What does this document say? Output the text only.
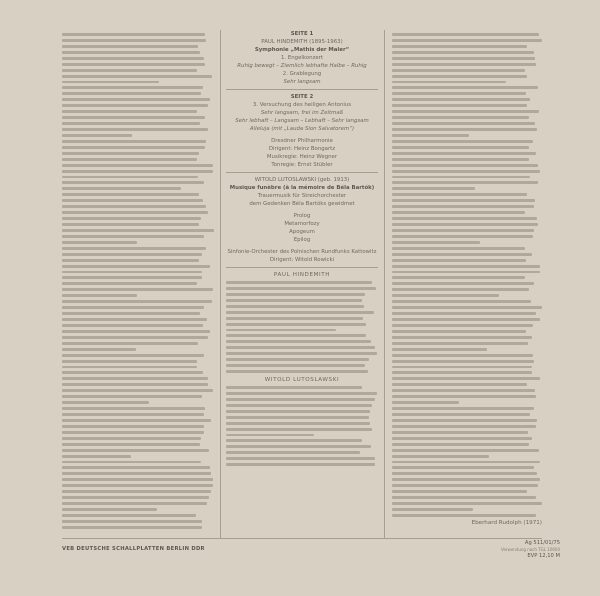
SEITE 1
PAUL HINDEMITH (1895-1963)
Symphonie „Mathis der Maler“
1. Engelkonzert
Ruhig bewegt – Ziemlich lebhafte Halbe – Ruhig
2. Grablegung
Sehr langsam
SEITE 2
3. Versuchung des heiligen Antonius
Sehr langsam, frei im Zeitmaß
Sehr lebhaft – Langsam – Lebhaft – Sehr langsam
Alleluja (mit „Lauda Sion Salvatorem“)
Dresdner Philharmonie
Dirigent: Heinz Bongartz
Musikregie: Heinz Wegner
Tonregie: Ernst Stübler
WITOLD LUTOSLAWSKI (geb. 1913)
Musique funèbre (à la mémoire de Béla Bartók)
Trauermusik für Streichorchester
dem Gedenken Béla Bartóks gewidmet
Prolog
Metamorfozy
Apogeum
Epilog
Sinfonie-Orchester des Polnischen Rundfunks Kattowitz
Dirigent: Witold Rowicki
PAUL HINDEMITH
WITOLD LUTOSLAWSKI
Eberhard Rudolph (1971)

VEB DEUTSCHE SCHALLPLATTEN BERLIN DDR
Ag 511/01/75
Verwendung nach TGL 10600
EVP 12,10 M
